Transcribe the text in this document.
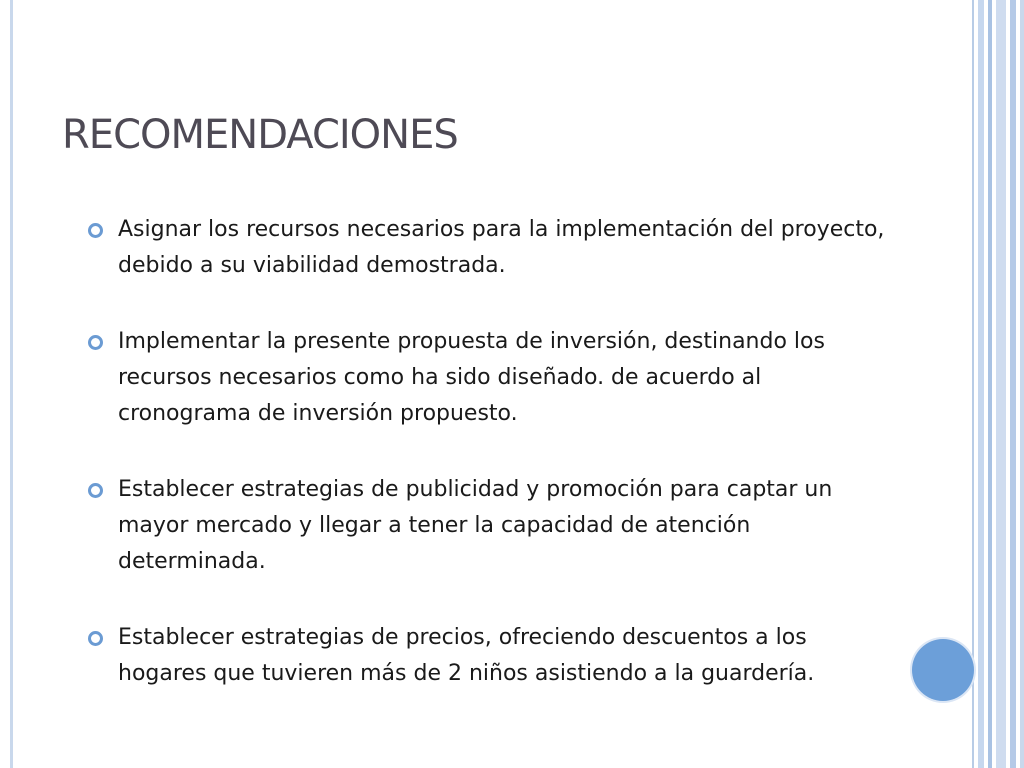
RECOMENDACIONES
Asignar los recursos necesarios para la implementación del proyecto, debido a su viabilidad demostrada.
Implementar la presente propuesta de inversión, destinando los recursos necesarios como ha sido diseñado. de acuerdo al cronograma de inversión propuesto.
Establecer estrategias de publicidad y promoción para captar un mayor mercado y llegar a tener la capacidad de atención determinada.
Establecer estrategias de precios, ofreciendo descuentos a los hogares que tuvieren más de 2 niños asistiendo a la guardería.
